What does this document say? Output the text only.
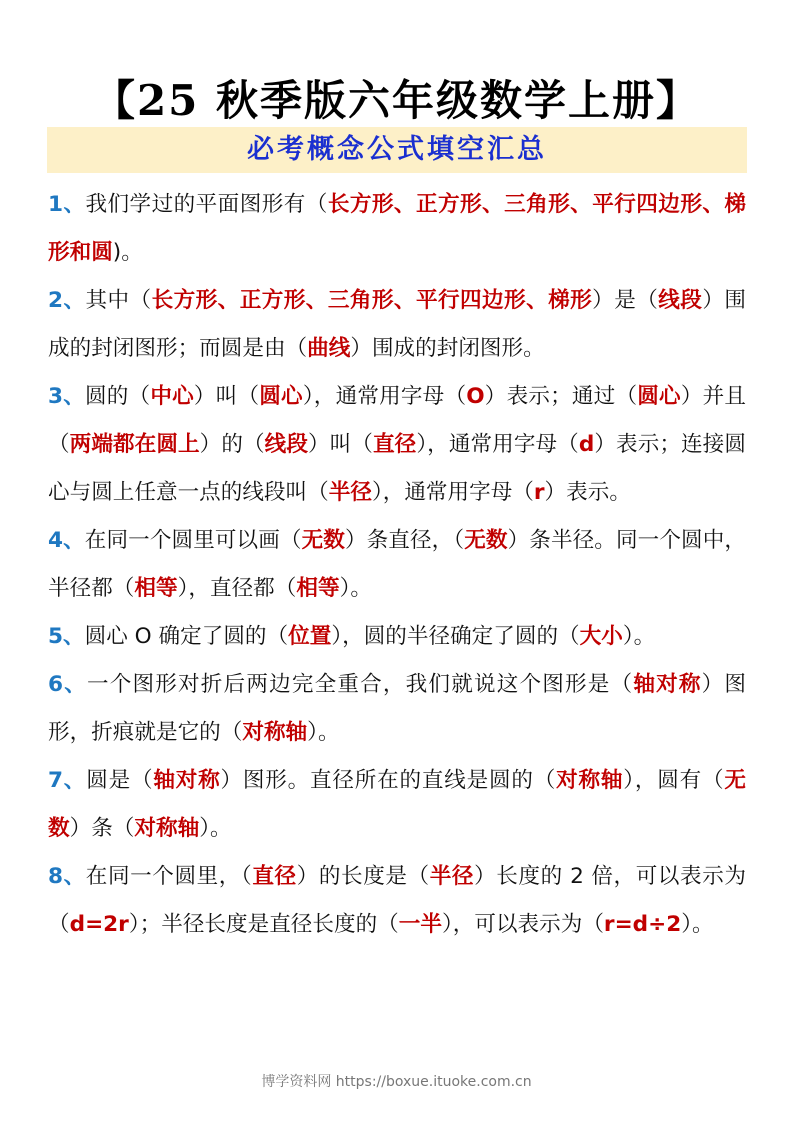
【25 秋季版六年级数学上册】
必考概念公式填空汇总

1、我们学过的平面图形有（长方形、正方形、三角形、平行四边形、梯形和圆)。

2、其中（长方形、正方形、三角形、平行四边形、梯形）是（线段）围成的封闭图形；而圆是由（曲线）围成的封闭图形。

3、圆的（中心）叫（圆心），通常用字母（O）表示；通过（圆心）并且（两端都在圆上）的（线段）叫（直径），通常用字母（d）表示；连接圆心与圆上任意一点的线段叫（半径），通常用字母（r）表示。

4、在同一个圆里可以画（无数）条直径，（无数）条半径。同一个圆中，半径都（相等），直径都（相等）。

5、圆心 O 确定了圆的（位置），圆的半径确定了圆的（大小）。

6、一个图形对折后两边完全重合，我们就说这个图形是（轴对称）图形，折痕就是它的（对称轴）。

7、圆是（轴对称）图形。直径所在的直线是圆的（对称轴），圆有（无数）条（对称轴）。

8、在同一个圆里，（直径）的长度是（半径）长度的 2 倍，可以表示为（d=2r）；半径长度是直径长度的（一半），可以表示为（r=d÷2）。

博学资料网 https://boxue.ituoke.com.cn
